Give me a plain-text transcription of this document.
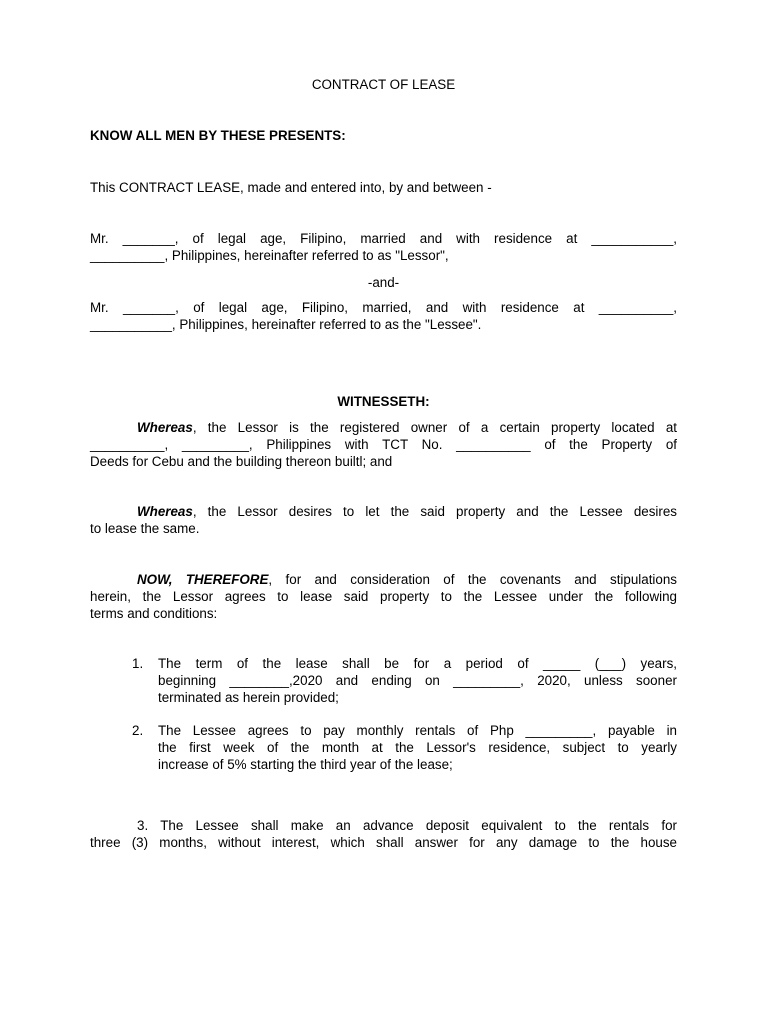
CONTRACT OF LEASE
KNOW ALL MEN BY THESE PRESENTS:
This CONTRACT LEASE, made and entered into, by and between -
Mr. _______, of legal age, Filipino, married and with residence at ___________,
__________, Philippines, hereinafter referred to as "Lessor",
-and-
Mr. _______, of legal age, Filipino, married, and with residence at __________,
___________, Philippines, hereinafter referred to as the "Lessee".
WITNESSETH:
Whereas, the Lessor is the registered owner of a certain property located at
__________, _________, Philippines with TCT No. __________ of the Property of
Deeds for Cebu and the building thereon builtl; and
Whereas, the Lessor desires to let the said property and the Lessee desires
to lease the same.
NOW, THEREFORE, for and consideration of the covenants and stipulations
herein, the Lessor agrees to lease said property to the Lessee under the following
terms and conditions:
1.	The term of the lease shall be for a period of _____ (___) years,
beginning ________,2020 and ending on _________, 2020, unless sooner
terminated as herein provided;
2.	The Lessee agrees to pay monthly rentals of Php _________, payable in
the first week of the month at the Lessor's residence, subject to yearly
increase of 5% starting the third year of the lease;
3. The Lessee shall make an advance deposit equivalent to the rentals for
three (3) months, without interest, which shall answer for any damage to the house
